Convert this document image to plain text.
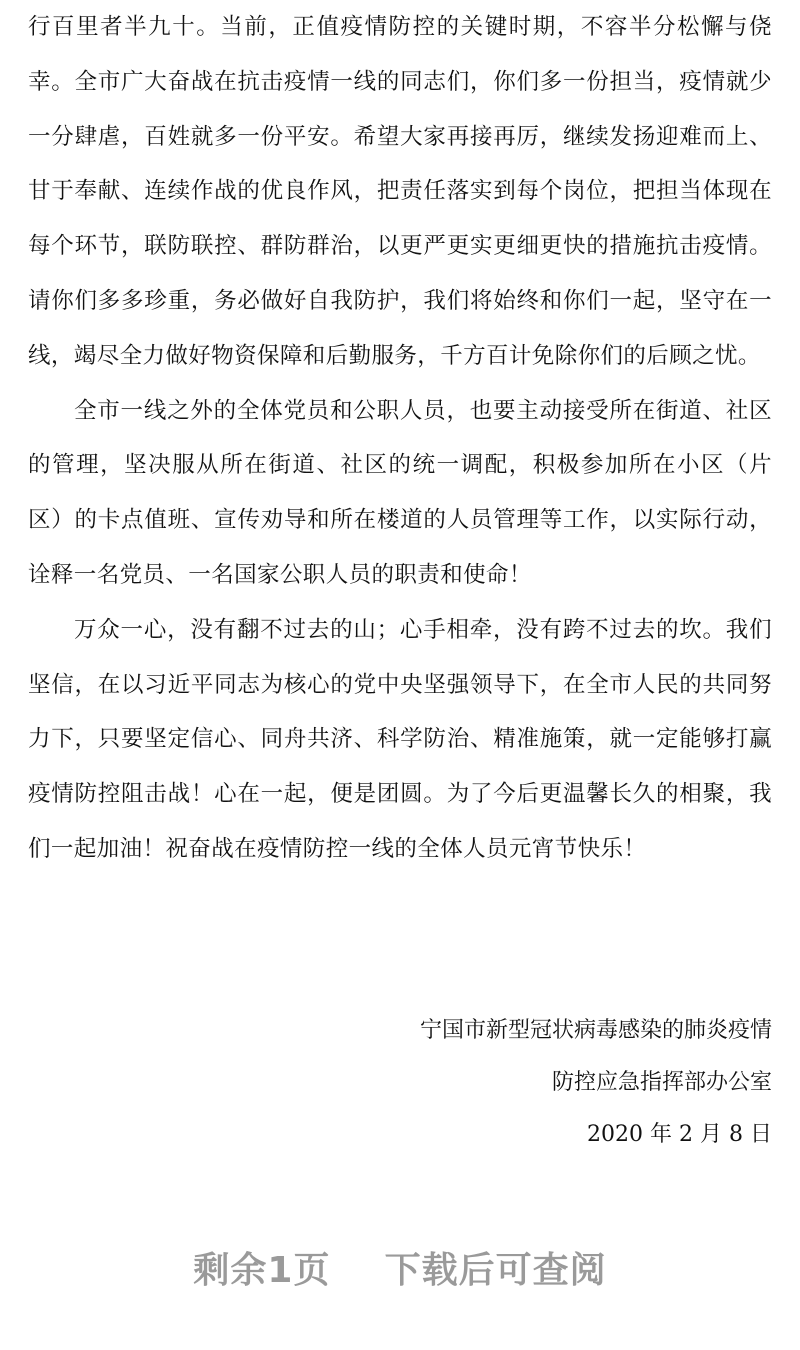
行百里者半九十。当前，正值疫情防控的关键时期，不容半分松懈与侥幸。全市广大奋战在抗击疫情一线的同志们，你们多一份担当，疫情就少一分肆虐，百姓就多一份平安。希望大家再接再厉，继续发扬迎难而上、甘于奉献、连续作战的优良作风，把责任落实到每个岗位，把担当体现在每个环节，联防联控、群防群治，以更严更实更细更快的措施抗击疫情。请你们多多珍重，务必做好自我防护，我们将始终和你们一起，坚守在一线，竭尽全力做好物资保障和后勤服务，千方百计免除你们的后顾之忧。

全市一线之外的全体党员和公职人员，也要主动接受所在街道、社区的管理，坚决服从所在街道、社区的统一调配，积极参加所在小区（片区）的卡点值班、宣传劝导和所在楼道的人员管理等工作，以实际行动，诠释一名党员、一名国家公职人员的职责和使命！

万众一心，没有翻不过去的山；心手相牵，没有跨不过去的坎。我们坚信，在以习近平同志为核心的党中央坚强领导下，在全市人民的共同努力下，只要坚定信心、同舟共济、科学防治、精准施策，就一定能够打赢疫情防控阻击战！心在一起，便是团圆。为了今后更温馨长久的相聚，我们一起加油！祝奋战在疫情防控一线的全体人员元宵节快乐！

宁国市新型冠状病毒感染的肺炎疫情
防控应急指挥部办公室
2020 年 2 月 8 日
剩余1页 下载后可查阅
